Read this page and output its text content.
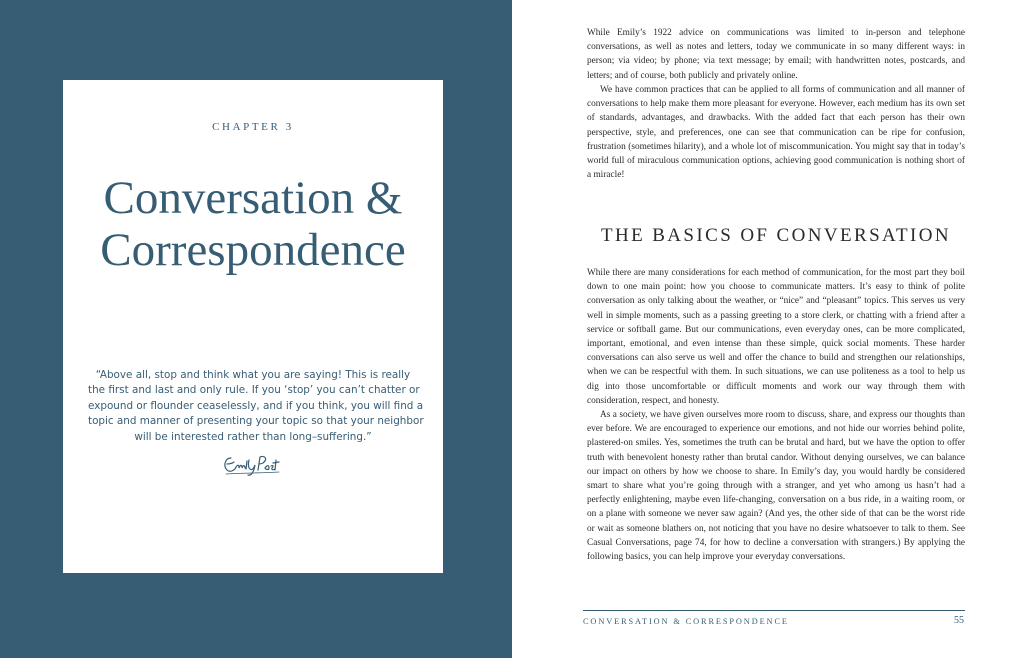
CHAPTER 3
Conversation &
Correspondence
“Above all, stop and think what you are saying! This is really
the first and last and only rule. If you ‘stop’ you can’t chatter or
expound or flounder ceaselessly, and if you think, you will find a
topic and manner of presenting your topic so that your neighbor
will be interested rather than long–suffering.”

While Emily’s 1922 advice on communications was limited to in-person and telephone conversations, as well as notes and letters, today we communicate in so many different ways: in person; via video; by phone; via text message; by email; with handwritten notes, postcards, and letters; and of course, both publicly and privately online.

We have common practices that can be applied to all forms of communication and all manner of conversations to help make them more pleasant for everyone. However, each medium has its own set of standards, advantages, and drawbacks. With the added fact that each person has their own perspective, style, and preferences, one can see that communication can be ripe for confusion, frustration (sometimes hilarity), and a whole lot of miscommunication. You might say that in today’s world full of miraculous communication options, achieving good communication is nothing short of a miracle!

THE BASICS OF CONVERSATION

While there are many considerations for each method of communication, for the most part they boil down to one main point: how you choose to communicate matters. It’s easy to think of polite conversation as only talking about the weather, or “nice” and “pleasant” topics. This serves us very well in simple moments, such as a passing greeting to a store clerk, or chatting with a friend after a service or softball game. But our communications, even everyday ones, can be more complicated, important, emotional, and even intense than these simple, quick social moments. These harder conversations can also serve us well and offer the chance to build and strengthen our relationships, when we can be respectful with them. In such situations, we can use politeness as a tool to help us dig into those uncomfortable or difficult moments and work our way through them with consideration, respect, and honesty.

As a society, we have given ourselves more room to discuss, share, and express our thoughts than ever before. We are encouraged to experience our emotions, and not hide our worries behind polite, plastered-on smiles. Yes, sometimes the truth can be brutal and hard, but we have the option to offer truth with benevolent honesty rather than brutal candor. Without denying ourselves, we can balance our impact on others by how we choose to share. In Emily’s day, you would hardly be considered smart to share what you’re going through with a stranger, and yet who among us hasn’t had a perfectly enlightening, maybe even life-changing, conversation on a bus ride, in a waiting room, or on a plane with someone we never saw again? (And yes, the other side of that can be the worst ride or wait as someone blathers on, not noticing that you have no desire whatsoever to talk to them. See Casual Conversations, page 74, for how to decline a conversation with strangers.) By applying the following basics, you can help improve your everyday conversations.

CONVERSATION & CORRESPONDENCE	55
